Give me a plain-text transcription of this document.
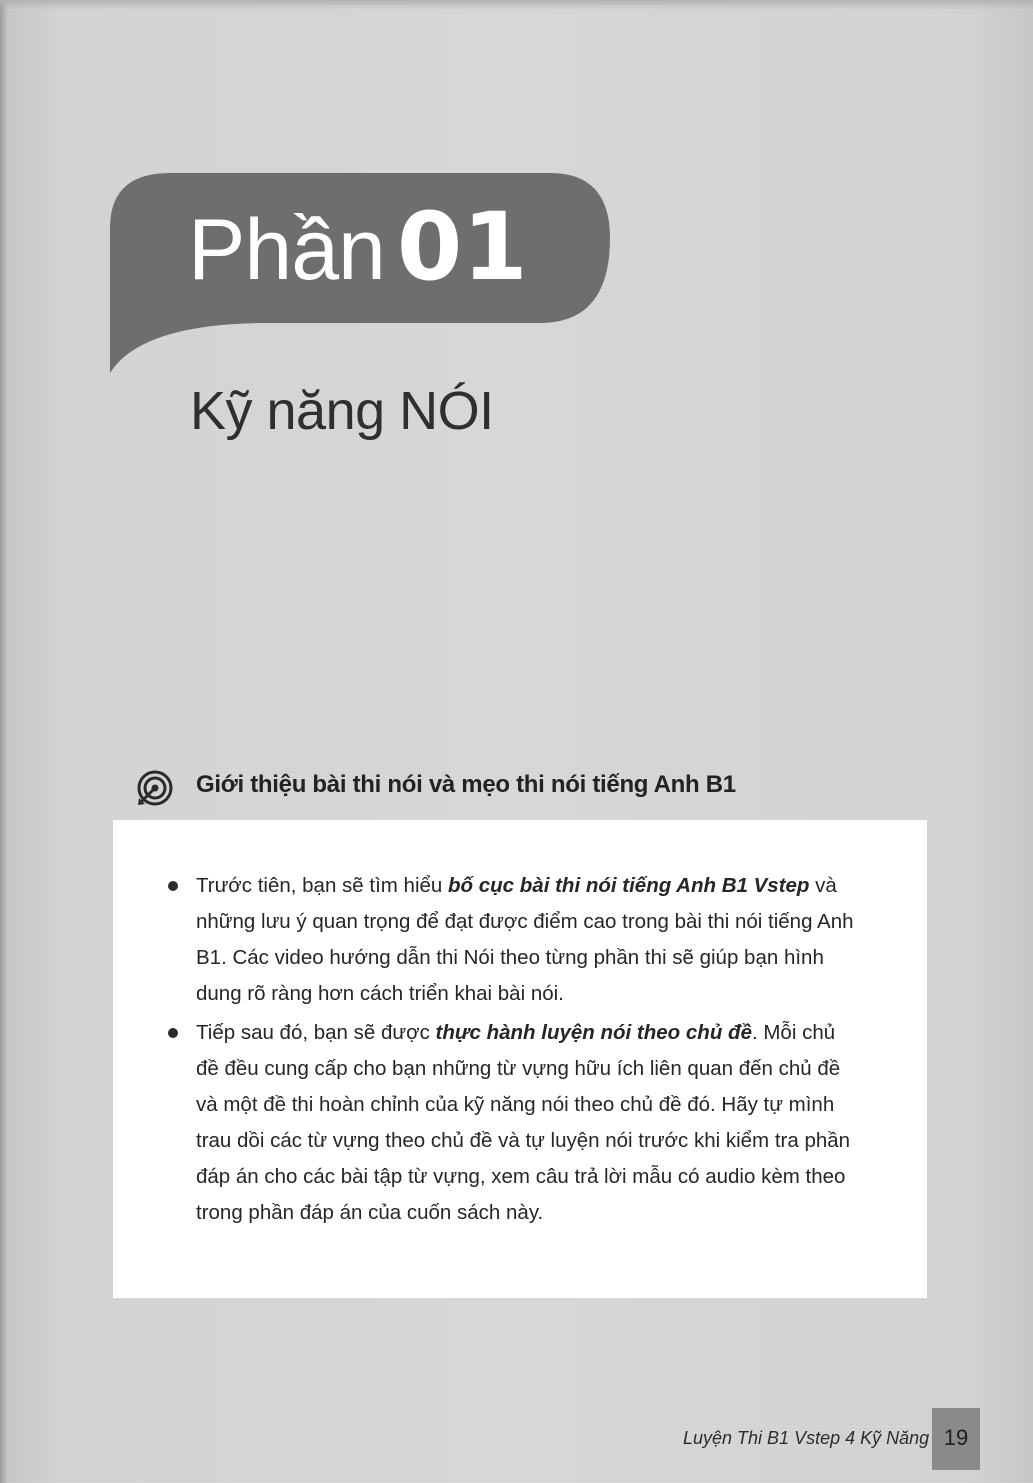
Phần 01
Kỹ năng NÓI
Giới thiệu bài thi nói và mẹo thi nói tiếng Anh B1
Trước tiên, bạn sẽ tìm hiểu bố cục bài thi nói tiếng Anh B1 Vstep và những lưu ý quan trọng để đạt được điểm cao trong bài thi nói tiếng Anh B1. Các video hướng dẫn thi Nói theo từng phần thi sẽ giúp bạn hình dung rõ ràng hơn cách triển khai bài nói.
Tiếp sau đó, bạn sẽ được thực hành luyện nói theo chủ đề. Mỗi chủ đề đều cung cấp cho bạn những từ vựng hữu ích liên quan đến chủ đề và một đề thi hoàn chỉnh của kỹ năng nói theo chủ đề đó. Hãy tự mình trau dồi các từ vựng theo chủ đề và tự luyện nói trước khi kiểm tra phần đáp án cho các bài tập từ vựng, xem câu trả lời mẫu có audio kèm theo trong phần đáp án của cuốn sách này.
Luyện Thi B1 Vstep 4 Kỹ Năng 19
